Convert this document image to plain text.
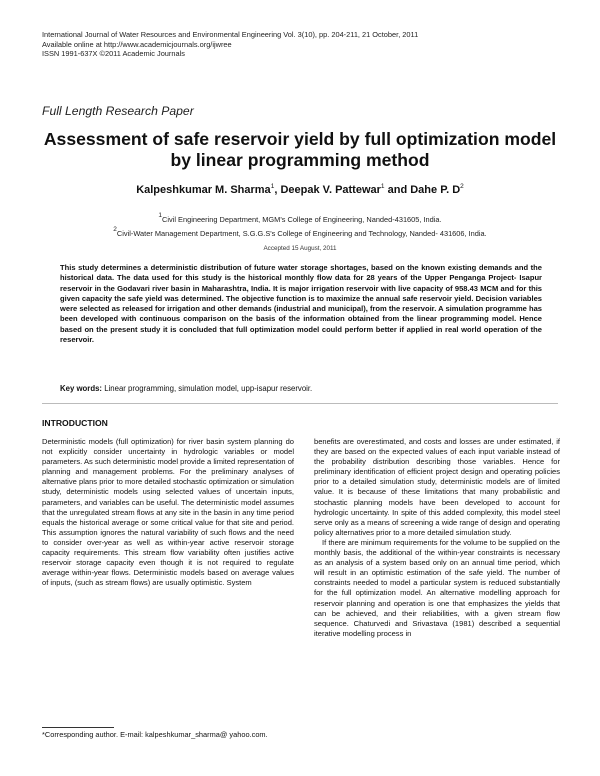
International Journal of Water Resources and Environmental Engineering Vol. 3(10), pp. 204-211, 21 October, 2011
Available online at http://www.academicjournals.org/ijwree
ISSN 1991-637X ©2011 Academic Journals
Full Length Research Paper
Assessment of safe reservoir yield by full optimization model by linear programming method
Kalpeshkumar M. Sharma$^1$, Deepak V. Pattewar$^1$ and Dahe P. $D^2$
$^1$Civil Engineering Department, MGM's College of Engineering, Nanded-431605, India.
$^2$Civil-Water Management Department, S.G.G.S's College of Engineering and Technology, Nanded- 431606, India.
Accepted 15 August, 2011
This study determines a deterministic distribution of future water storage shortages, based on the known existing demands and the historical data. The data used for this study is the historical monthly flow data for 28 years of the Upper Penganga Project- Isapur reservoir in the Godavari river basin in Maharashtra, India. It is major irrigation reservoir with live capacity of 958.43 MCM and for this given capacity the safe yield was determined. The objective function is to maximize the annual safe reservoir yield. Decision variables were selected as released for irrigation and other demands (industrial and municipal), from the reservoir. A simulation programme has been developed with continuous comparison on the basis of the information obtained from the linear programming model. Hence based on the present study it is concluded that full optimization model could perform better if applied in real world operation of the reservoir.
Key words: Linear programming, simulation model, upp-isapur reservoir.
INTRODUCTION

Deterministic models (full optimization) for river basin system planning do not explicitly consider uncertainty in hydrologic variables or model parameters. As such deterministic model provide a limited representation of planning and management problems. For the preliminary analyses of alternative plans prior to more detailed stochastic optimization or simulation study, deterministic models using selected values of uncertain inputs, parameters, and variables can be useful. The deterministic model assumes that the unregulated stream flows at any site in the basin in any time period equals the historical average or some critical value for that site and period. This assumption ignores the natural variability of such flows and the need to consider over-year as well as within-year active reservoir storage capacity requirements. This stream flow variability often justifies active reservoir storage capacity even though it is not required to regulate average within-year flows. Deterministic models based on average values of inputs, (such as stream flows) are usually optimistic. System

benefits are overestimated, and costs and losses are under estimated, if they are based on the expected values of each input variable instead of the probability distribution describing those variables. Hence for preliminary identification of efficient project design and operating policies prior to a detailed simulation study, deterministic models are of limited value. It is because of these limitations that many probabilistic and stochastic planning models have been developed to account for hydrologic uncertainty. In spite of this added complexity, this model steel serve only as a means of screening a wide range of design and operating policy alternatives prior to a more detailed simulation study.

If there are minimum requirements for the volume to be supplied on the monthly basis, the additional of the within-year constraints is necessary as an analysis of a system based only on an annual time period, which will result in an optimistic estimation of the safe yield. The number of constraints needed to model a particular system is reduced substantially for the full optimization model. An alternative modelling approach for reservoir planning and operation is one that emphasizes the yields that can be achieved, and their reliabilities, with a given stream flow sequence. Chaturvedi and Srivastava (1981) described a sequential iterative modelling process in

*Corresponding author. E-mail: kalpeshkumar_sharma@ yahoo.com.
